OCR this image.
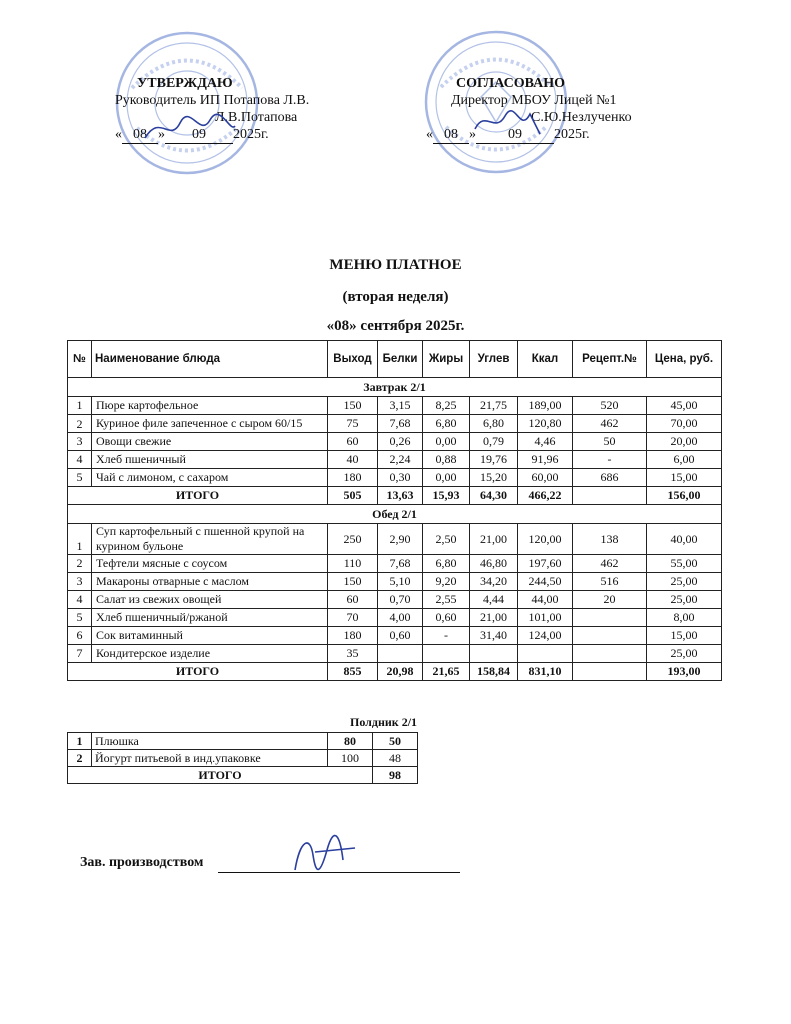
УТВЕРЖДАЮ
Руководитель ИП Потапова Л.В.
Л.В.Потапова
« 08 » 09 2025г.
СОГЛАСОВАНО
Директор МБОУ Лицей №1
С.Ю.Незлученко
« 08 » 09 2025г.
МЕНЮ ПЛАТНОЕ
(вторая неделя)
«08» сентября 2025г.
№	Наименование блюда	Выход	Белки	Жиры	Углев	Ккал	Рецепт.№	Цена, руб.
Завтрак 2/1								
1	Пюре картофельное	150	3,15	8,25	21,75	189,00	520	45,00
2	Куриное филе запеченное с сыром 60/15	75	7,68	6,80	6,80	120,80	462	70,00
3	Овощи свежие	60	0,26	0,00	0,79	4,46	50	20,00
4	Хлеб пшеничный	40	2,24	0,88	19,76	91,96	-	6,00
5	Чай с лимоном, с сахаром	180	0,30	0,00	15,20	60,00	686	15,00
ИТОГО		505	13,63	15,93	64,30	466,22		156,00
Обед 2/1								
1	Суп картофельный с пшенной крупой на курином бульоне	250	2,90	2,50	21,00	120,00	138	40,00
2	Тефтели мясные с соусом	110	7,68	6,80	46,80	197,60	462	55,00
3	Макароны отварные с маслом	150	5,10	9,20	34,20	244,50	516	25,00
4	Салат из свежих овощей	60	0,70	2,55	4,44	44,00	20	25,00
5	Хлеб пшеничный/ржаной	70	4,00	0,60	21,00	101,00		8,00
6	Сок витаминный	180	0,60	-	31,40	124,00		15,00
7	Кондитерское изделие	35						25,00
ИТОГО		855	20,98	21,65	158,84	831,10		193,00
Полдник 2/1
1	Плюшка	80	50
2	Йогурт питьевой в инд.упаковке	100	48
ИТОГО			98
Зав. производством
